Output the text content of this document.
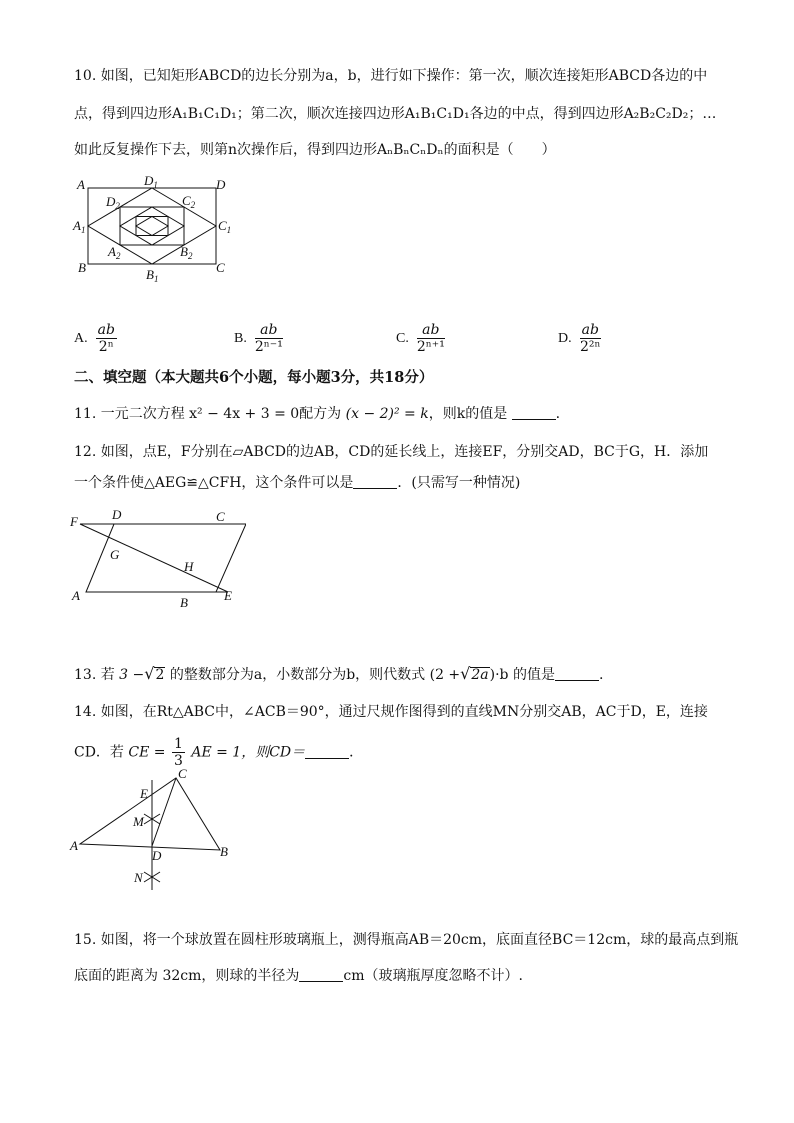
10. 如图，已知矩形ABCD的边长分别为a，b，进行如下操作：第一次，顺次连接矩形ABCD各边的中
点，得到四边形A₁B₁C₁D₁；第二次，顺次连接四边形A₁B₁C₁D₁各边的中点，得到四边形A₂B₂C₂D₂；…
如此反复操作下去，则第n次操作后，得到四边形AₙBₙCₙDₙ的面积是（　　）
A	D
$D_1$
$D_2$	$C_2$
$C_1$
$A_1$
$A_2$	$B_2$
B	$B_1$
C
A. $\frac{ab}{\text{2ⁿ}}$	B. $\frac{ab}{\text{2ⁿ⁻¹}}$	C. $\frac{ab}{\text{2ⁿ⁺¹}}$	D. $\frac{ab}{\text{2²ⁿ}}$
二、填空题（本大题共6个小题，每小题3分，共18分）
11. 一元二次方程 x² − 4x + 3 = 0配方为 (x − 2)² = k，则k的值是	.
12. 如图，点E，F分别在▱ABCD的边AB，CD的延长线上，连接EF，分别交AD，BC于G，H．添加
一个条件使△AEG≌△CFH，这个条件可以是	．(只需写一种情况)
F	D	C
G
H
A	B	E
13. 若 3 −√2 的整数部分为a，小数部分为b，则代数式 (2 +√2a)·b 的值是	.
14. 如图，在Rt△ABC中，∠ACB＝90°，通过尺规作图得到的直线MN分别交AB，AC于D，E，连接
CD．若 CE = $\frac{1}{3}$ AE = 1，则CD＝	．
C
E
M
A
D	B
N
15. 如图，将一个球放置在圆柱形玻璃瓶上，测得瓶高AB＝20cm，底面直径BC＝12cm，球的最高点到瓶
底面的距离为 32cm，则球的半径为	cm（玻璃瓶厚度忽略不计）.
